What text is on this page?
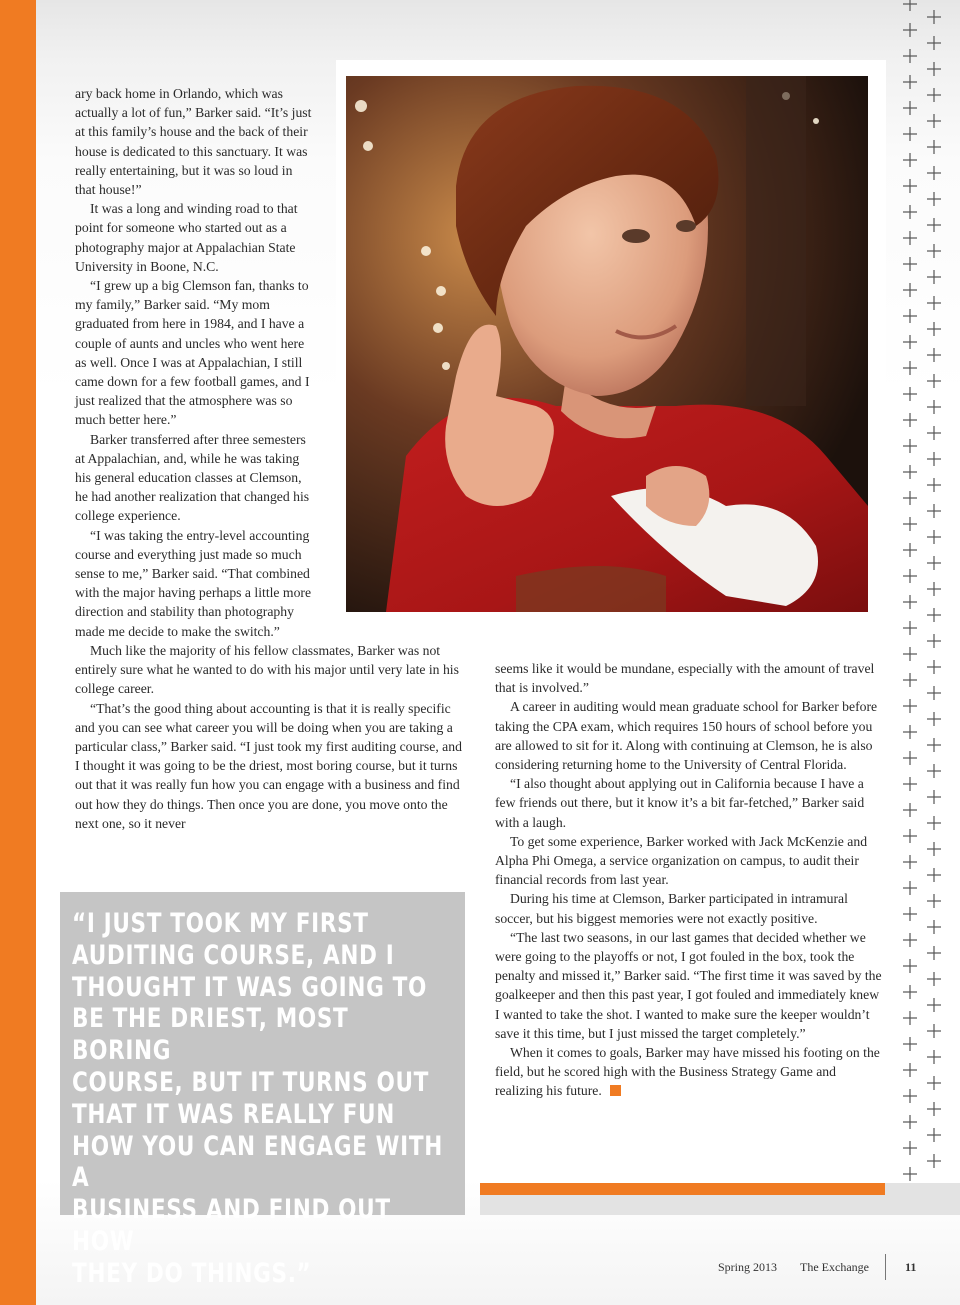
ary back home in Orlando, which was actually a lot of fun,” Barker said. “It’s just at this family’s house and the back of their house is dedicated to this sanctuary. It was really entertaining, but it was so loud in that house!”

It was a long and winding road to that point for someone who started out as a photography major at Appalachian State University in Boone, N.C.

“I grew up a big Clemson fan, thanks to my family,” Barker said. “My mom graduated from here in 1984, and I have a couple of aunts and uncles who went here as well. Once I was at Appalachian, I still came down for a few football games, and I just realized that the atmosphere was so much better here.”

Barker transferred after three semesters at Appalachian, and, while he was taking his general education classes at Clemson, he had another realization that changed his college experience.

“I was taking the entry-level accounting course and everything just made so much sense to me,” Barker said. “That combined with the major having perhaps a little more direction and stability than photography made me decide to make the switch.”

Much like the majority of his fellow classmates, Barker was not entirely sure what he wanted to do with his major until very late in his college career.

“That’s the good thing about accounting is that it is really specific and you can see what career you will be doing when you are taking a particular class,” Barker said. “I just took my first auditing course, and I thought it was going to be the driest, most boring course, but it turns out that it was really fun how you can engage with a business and find out how they do things. Then once you are done, you move onto the next one, so it never

seems like it would be mundane, especially with the amount of travel that is involved.”

A career in auditing would mean graduate school for Barker before taking the CPA exam, which requires 150 hours of school before you are allowed to sit for it. Along with continuing at Clemson, he is also considering returning home to the University of Central Florida.

“I also thought about applying out in California because I have a few friends out there, but it know it’s a bit far-fetched,” Barker said with a laugh.

To get some experience, Barker worked with Jack McKenzie and Alpha Phi Omega, a service organization on campus, to audit their financial records from last year.

During his time at Clemson, Barker participated in intramural soccer, but his biggest memories were not exactly positive.

“The last two seasons, in our last games that decided whether we were going to the playoffs or not, I got fouled in the box, took the penalty and missed it,” Barker said. “The first time it was saved by the goalkeeper and then this past year, I got fouled and immediately knew I wanted to take the shot. I wanted to make sure the keeper wouldn’t save it this time, but I just missed the target completely.”

When it comes to goals, Barker may have missed his footing on the field, but he scored high with the Business Strategy Game and realizing his future.

“I JUST TOOK MY FIRST
AUDITING COURSE, AND I
THOUGHT IT WAS GOING TO
BE THE DRIEST, MOST BORING
COURSE, BUT IT TURNS OUT
THAT IT WAS REALLY FUN
HOW YOU CAN ENGAGE WITH A
BUSINESS AND FIND OUT HOW
THEY DO THINGS.”	Spring 2013 The Exchange	11
